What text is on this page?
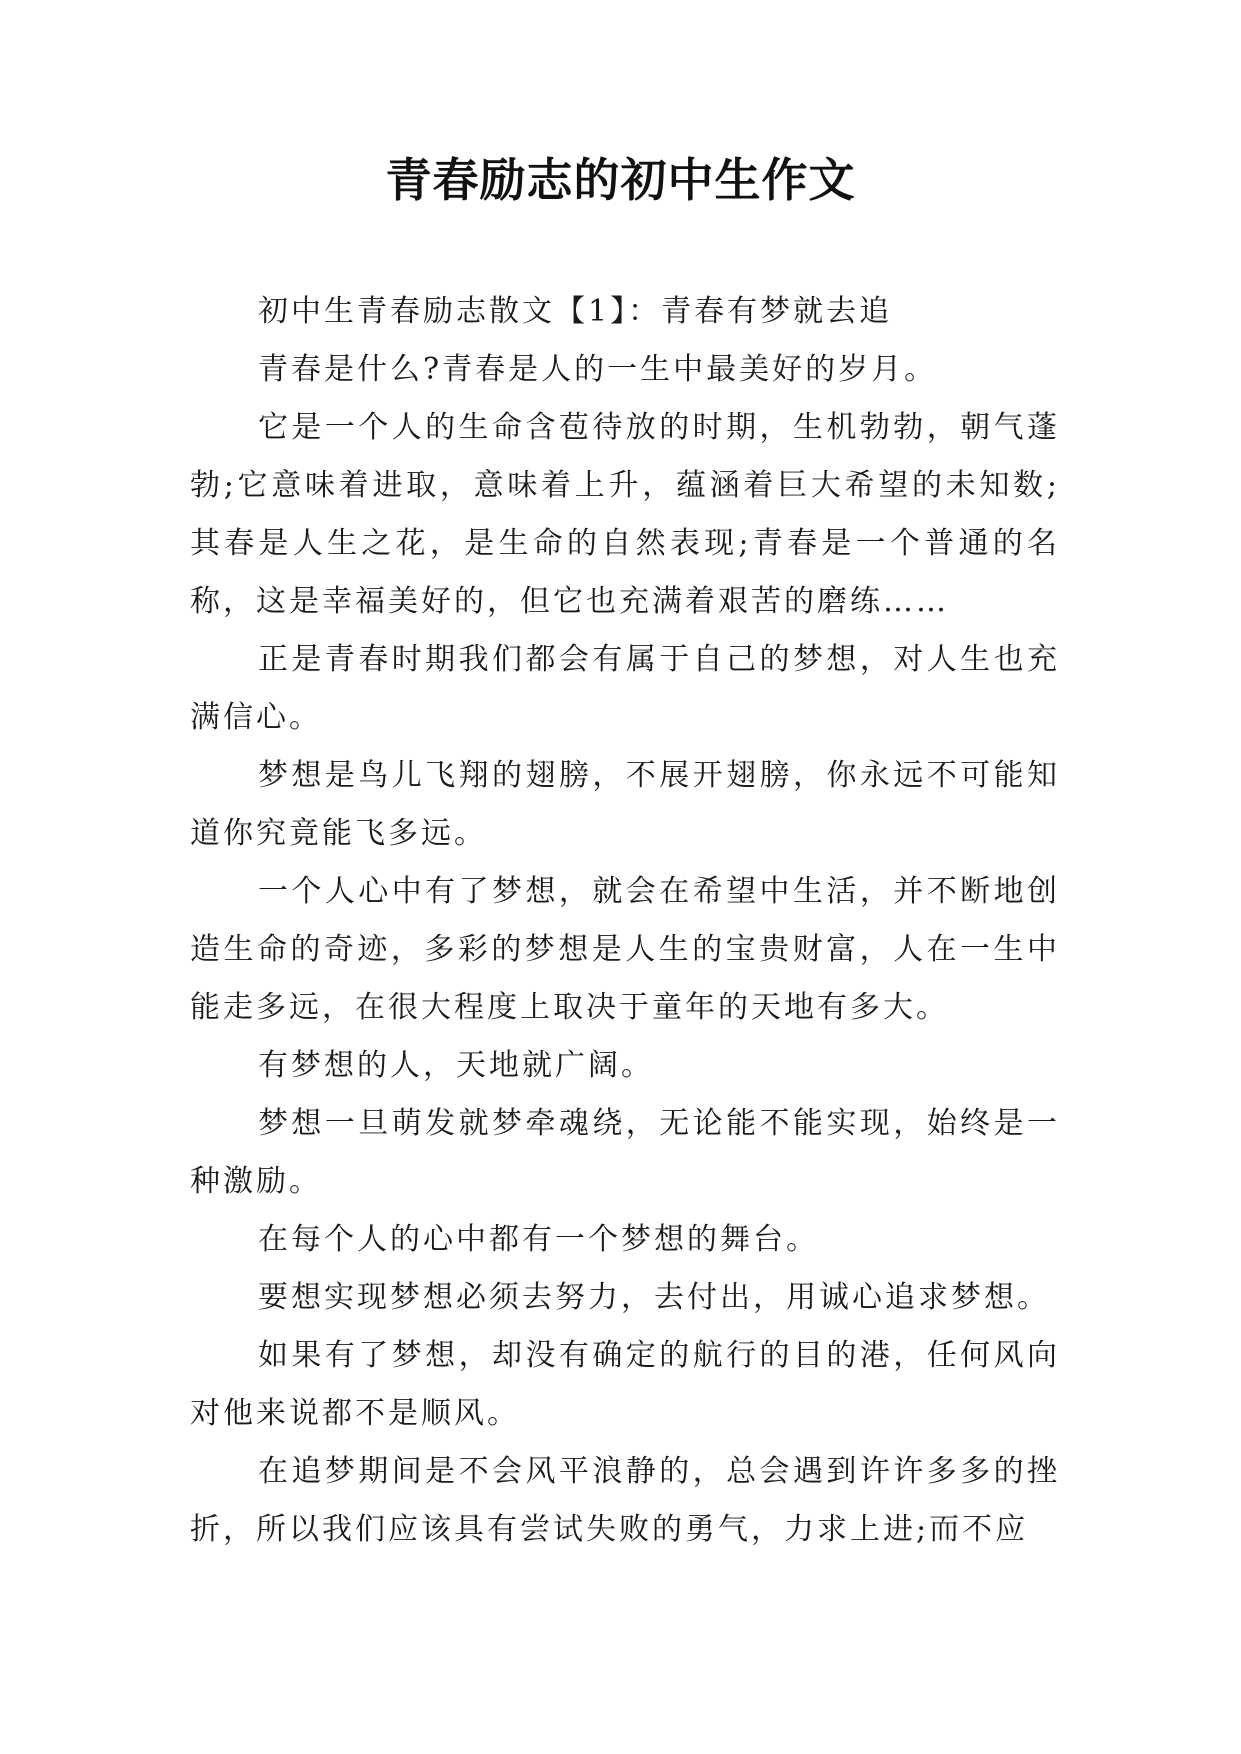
青春励志的初中生作文

初中生青春励志散文【1】：青春有梦就去追

青春是什么?青春是人的一生中最美好的岁月。

它是一个人的生命含苞待放的时期，生机勃勃，朝气蓬勃;它意味着进取，意味着上升，蕴涵着巨大希望的未知数;其春是人生之花，是生命的自然表现;青春是一个普通的名称，这是幸福美好的，但它也充满着艰苦的磨练……

正是青春时期我们都会有属于自己的梦想，对人生也充满信心。

梦想是鸟儿飞翔的翅膀，不展开翅膀，你永远不可能知道你究竟能飞多远。

一个人心中有了梦想，就会在希望中生活，并不断地创造生命的奇迹，多彩的梦想是人生的宝贵财富，人在一生中能走多远，在很大程度上取决于童年的天地有多大。

有梦想的人，天地就广阔。

梦想一旦萌发就梦牵魂绕，无论能不能实现，始终是一种激励。

在每个人的心中都有一个梦想的舞台。

要想实现梦想必须去努力，去付出，用诚心追求梦想。

如果有了梦想，却没有确定的航行的目的港，任何风向对他来说都不是顺风。

在追梦期间是不会风平浪静的，总会遇到许许多多的挫折，所以我们应该具有尝试失败的勇气，力求上进;而不应
